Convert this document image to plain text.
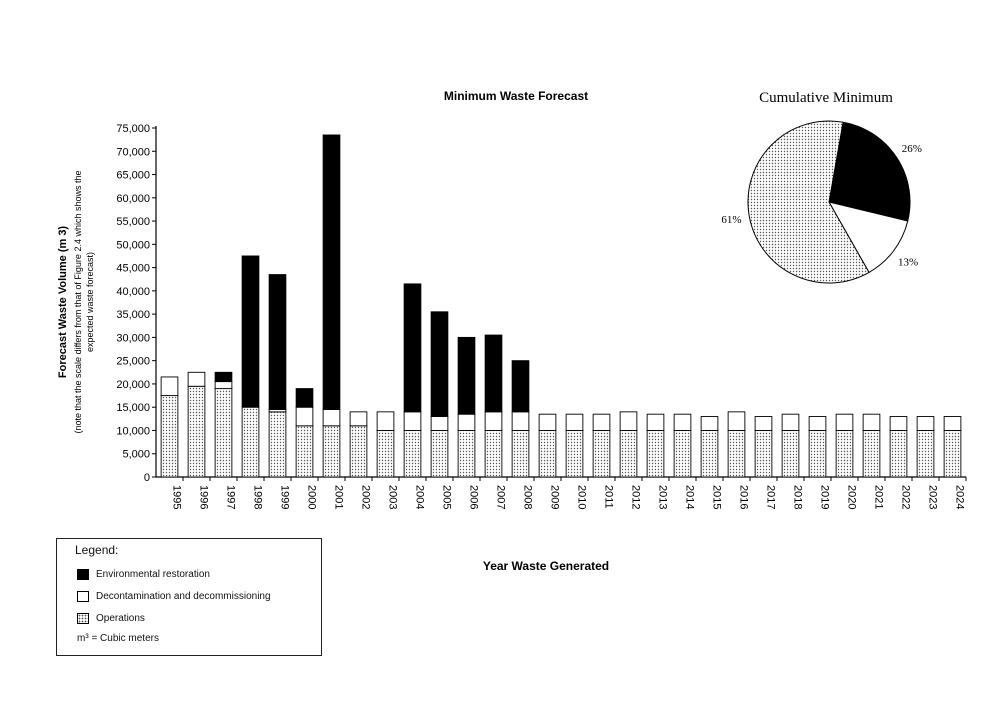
Minimum Waste Forecast
0
5,000
10,000
15,000
20,000
25,000
30,000
35,000
40,000
45,000
50,000
55,000
60,000
65,000
70,000
75,000
Forecast Waste Volume (m 3) (note that the scale differs from that of Figure 2.4 which shows the expected waste forecast)
Year Waste Generated
1995 1996 1997 1998 1999 2000 2001 2002 2003 2004 2005 2006 2007 2008 2009 2010 2011 2012 2013 2014 2015 2016 2017 2018 2019 2020 2021 2022 2023 2024
Cumulative Minimum
26%
13%
61%
Legend:
Environmental restoration
Decontamination and decommissioning
Operations
m³ = Cubic meters
